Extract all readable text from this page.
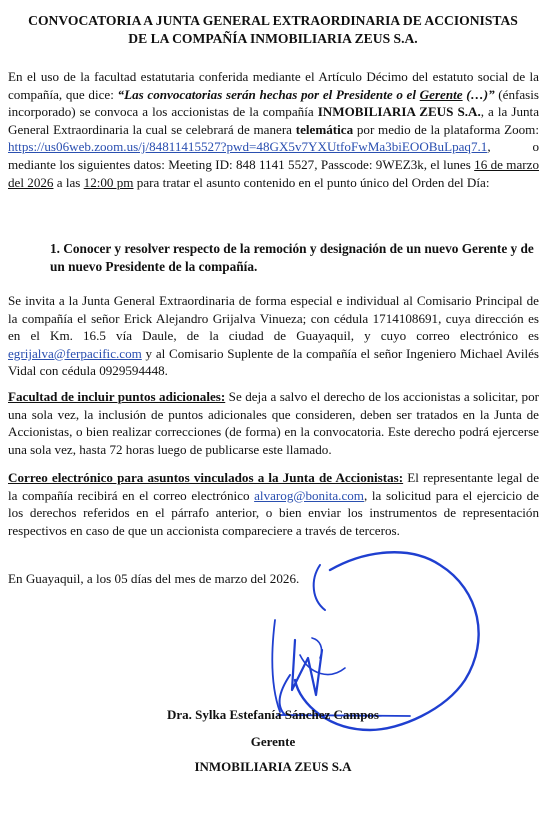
CONVOCATORIA A JUNTA GENERAL EXTRAORDINARIA DE ACCIONISTAS
DE LA COMPAÑÍA INMOBILIARIA ZEUS S.A.

En el uso de la facultad estatutaria conferida mediante el Artículo Décimo del estatuto social de la compañía, que dice: “Las convocatorias serán hechas por el Presidente o el Gerente (…)” (énfasis incorporado) se convoca a los accionistas de la compañía INMOBILIARIA ZEUS S.A., a la Junta General Extraordinaria la cual se celebrará de manera telemática por medio de la plataforma Zoom: https://us06web.zoom.us/j/84811415527?pwd=48GX5v7YXUtfoFwMa3biEOOBuLpaq7.1, o mediante los siguientes datos: Meeting ID: 848 1141 5527, Passcode: 9WEZ3k, el lunes 16 de marzo del 2026 a las 12:00 pm para tratar el asunto contenido en el punto único del Orden del Día:

1. Conocer y resolver respecto de la remoción y designación de un nuevo Gerente y de un nuevo Presidente de la compañía.

Se invita a la Junta General Extraordinaria de forma especial e individual al Comisario Principal de la compañía el señor Erick Alejandro Grijalva Vinueza; con cédula 1714108691, cuya dirección es en el Km. 16.5 vía Daule, de la ciudad de Guayaquil, y cuyo correo electrónico es egrijalva@ferpacific.com y al Comisario Suplente de la compañía el señor Ingeniero Michael Avilés Vidal con cédula 0929594448.

Facultad de incluir puntos adicionales: Se deja a salvo el derecho de los accionistas a solicitar, por una sola vez, la inclusión de puntos adicionales que consideren, deben ser tratados en la Junta de Accionistas, o bien realizar correcciones (de forma) en la convocatoria. Este derecho podrá ejercerse una sola vez, hasta 72 horas luego de publicarse este llamado.

Correo electrónico para asuntos vinculados a la Junta de Accionistas: El representante legal de la compañía recibirá en el correo electrónico alvarog@bonita.com, la solicitud para el ejercicio de los derechos referidos en el párrafo anterior, o bien enviar los instrumentos de representación respectivos en caso de que un accionista compareciere a través de terceros.

En Guayaquil, a los 05 días del mes de marzo del 2026.

Dra. Sylka Estefanía Sánchez Campos
Gerente
INMOBILIARIA ZEUS S.A
